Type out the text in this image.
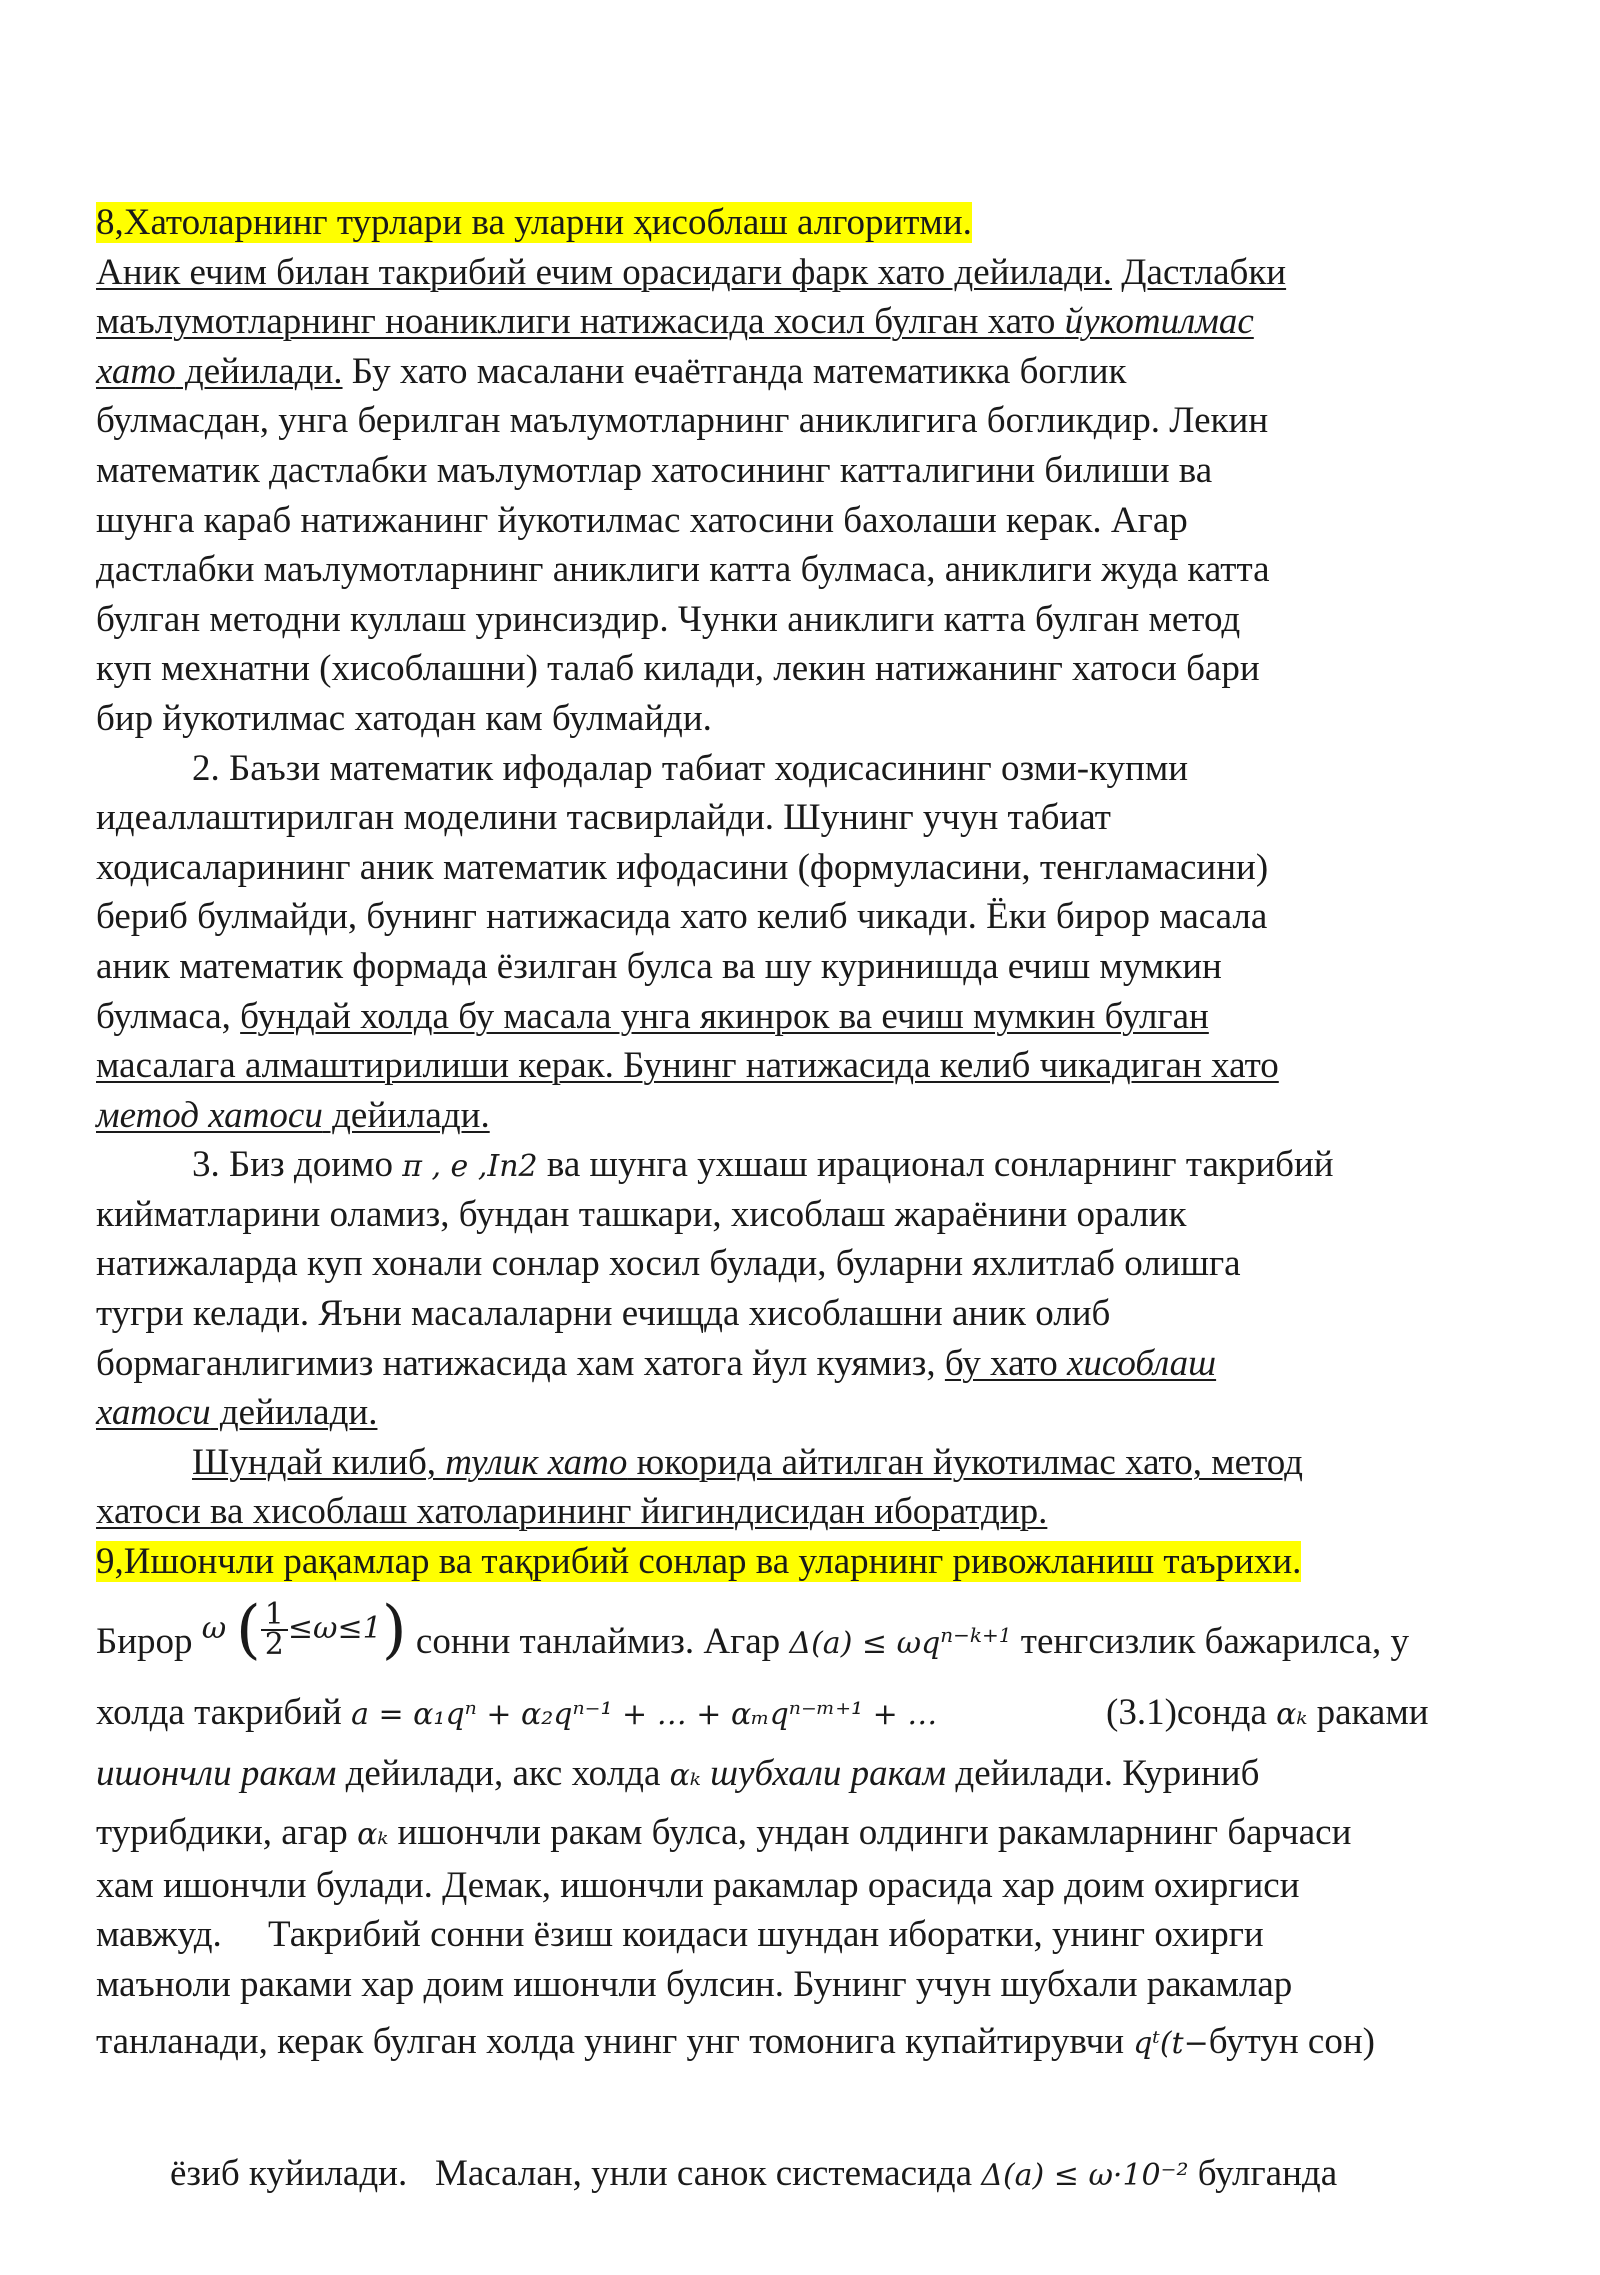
8,Хатоларнинг турлари ва уларни ҳисоблаш алгоритми.
Аник ечим билан такрибий ечим орасидаги фарк хато дейилади. Дастлабки
маълумотларнинг ноаниклиги натижасида хосил булган хато йукотилмас
хато дейилади. Бу хато масалани ечаётганда математикка боглик
булмасдан, унга берилган маълумотларнинг аниклигига богликдир. Лекин
математик дастлабки маълумотлар хатосининг катталигини билиши ва
шунга караб натижанинг йукотилмас хатосини бахолаши керак. Агар
дастлабки маълумотларнинг аниклиги катта булмаса, аниклиги жуда катта
булган методни куллаш уринсиздир. Чунки аниклиги катта булган метод
куп мехнатни (хисоблашни) талаб килади, лекин натижанинг хатоси бари
бир йукотилмас хатодан кам булмайди.
2. Баъзи математик ифодалар табиат ходисасининг озми-купми
идеаллаштирилган моделини тасвирлайди. Шунинг учун табиат
ходисаларининг аник математик ифодасини (формуласини, тенгламасини)
бериб булмайди, бунинг натижасида хато келиб чикади. Ёки бирор масала
аник математик формада ёзилган булса ва шу куринишда ечиш мумкин
булмаса, бундай холда бу масала унга якинрок ва ечиш мумкин булган
масалага алмаштирилиши керак. Бунинг натижасида келиб чикадиган хато
метод хатоси дейилади.
3. Биз доимо π , e ,In2 ва шунга ухшаш ирационал сонларнинг такрибий
кийматларини оламиз, бундан ташкари, хисоблаш жараёнини оралик
натижаларда куп хонали сонлар хосил булади, буларни яхлитлаб олишга
тугри келади. Яъни масалаларни ечищда хисоблашни аник олиб
бормаганлигимиз натижасида хам хатога йул куямиз, бу хато хисоблаш
хатоси дейилади.
Шундай килиб, тулик хато юкорида айтилган йукотилмас хато, метод
хатоси ва хисоблаш хатоларининг йигиндисидан иборатдир.
9,Ишончли рақамлар ва тақрибий сонлар ва уларнинг ривожланиш таърихи.
Бирор ω ( $\frac{1}{2} \le\omega\le 1$) сонни танлаймиз. Агар $\Delta(a) \le \omega q^{n-k+1}$ тенгсизлик бажарилса, у
холда такрибий a = α₁qⁿ + α₂qⁿ⁻¹ + … + αₘqⁿ⁻ᵐ⁺¹ + …	(3.1)сонда αₖ раками
ишончли ракам дейилади, акс холда αₖ шубхали ракам дейилади. Куриниб
турибдики, агар αₖ ишончли ракам булса, ундан олдинги ракамларнинг барчаси
хам ишончли булади. Демак, ишончли ракамлар орасида хар доим охиргиси
мавжуд.     Такрибий сонни ёзиш коидаси шундан иборатки, унинг охирги
маъноли раками хар доим ишончли булсин. Бунинг учун шубхали ракамлар
танланади, керак булган холда унинг унг томонига купайтирувчи qᵗ(t−бутун сон)

ёзиб куйилади.   Масалан, унли санок системасида Δ(a) ≤ ω·10⁻² булганда
